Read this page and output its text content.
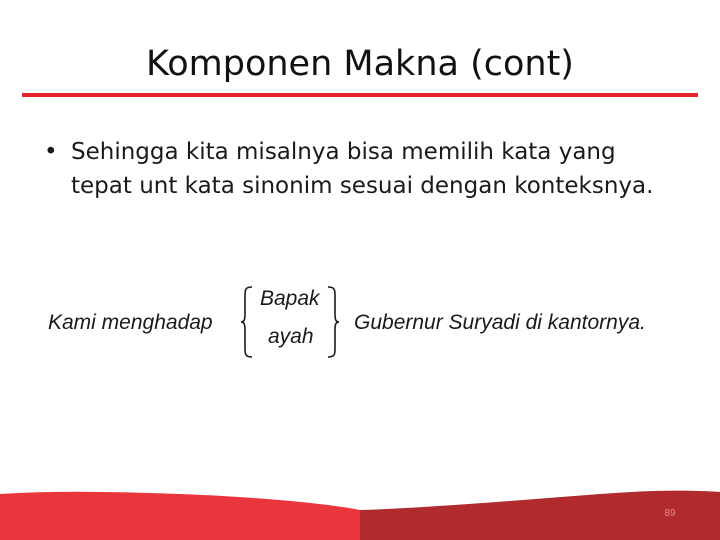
Komponen Makna (cont)
• Sehingga kita misalnya bisa memilih kata yang tepat unt kata sinonim sesuai dengan konteksnya.
Kami menghadap
Bapak
ayah
Gubernur Suryadi di kantornya.
89
